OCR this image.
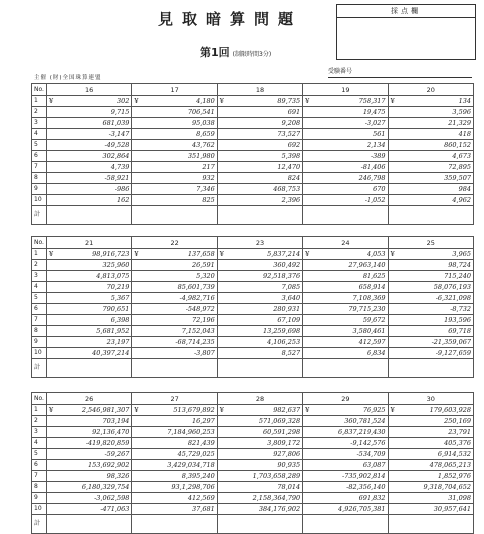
見取暗算問題	採点欄
第1回 (制限時間3分)
主催 (財)全国珠算連盟
受験番号
No.	16	17	18	19	20
1	¥ 302	¥ 4,180	¥ 89,735	¥ 758,317	¥ 134
2	9,715	706,541	691	19,475	3,596
3	681,039	95,038	9,208	-3,027	21,329
4	-3,147	8,659	73,527	561	418
5	-49,528	43,762	692	2,134	860,152
6	302,864	351,980	5,398	-389	4,673
7	4,739	217	12,470	-81,406	72,895
8	-58,921	932	824	246,798	359,507
9	-986	7,346	468,753	670	984
10	162	825	2,396	-1,052	4,962
計					
No.	21	22	23	24	25
1	¥ 98,916,723	¥ 137,658	¥ 5,837,214	¥ 4,053	¥ 3,965
2	325,960	26,591	360,492	27,963,140	98,724
3	4,813,075	5,320	92,518,376	81,625	715,240
4	70,219	85,601,739	7,085	658,914	58,076,193
5	5,367	-4,982,716	3,640	7,108,369	-6,321,098
6	790,651	-548,972	280,931	79,715,230	-8,732
7	6,398	72,196	67,109	59,672	193,596
8	5,681,952	7,152,043	13,259,698	3,580,461	69,718
9	23,197	-68,714,235	4,106,253	412,597	-21,359,067
10	40,397,214	-3,807	8,527	6,834	-9,127,659
計					
No.	26	27	28	29	30
1	¥ 2,546,981,307	¥ 513,679,892	¥ 982,637	¥ 76,925	¥ 179,603,928
2	703,194	16,297	571,069,328	360,781,524	250,169
3	92,136,470	7,184,960,253	60,591,298	6,837,219,430	23,791
4	-419,820,859	821,439	3,809,172	-9,142,576	405,376
5	-59,267	45,729,025	927,806	-534,709	6,914,532
6	153,692,902	3,429,034,718	90,935	63,087	478,065,213
7	98,326	8,395,240	1,703,658,289	-735,902,814	1,852,976
8	6,180,329,754	93,1,298,706	78,014	-82,356,140	9,318,704,652
9	-3,062,598	412,569	2,158,364,790	691,832	31,098
10	-471,063	37,681	384,176,902	4,926,705,381	30,957,641
計					
